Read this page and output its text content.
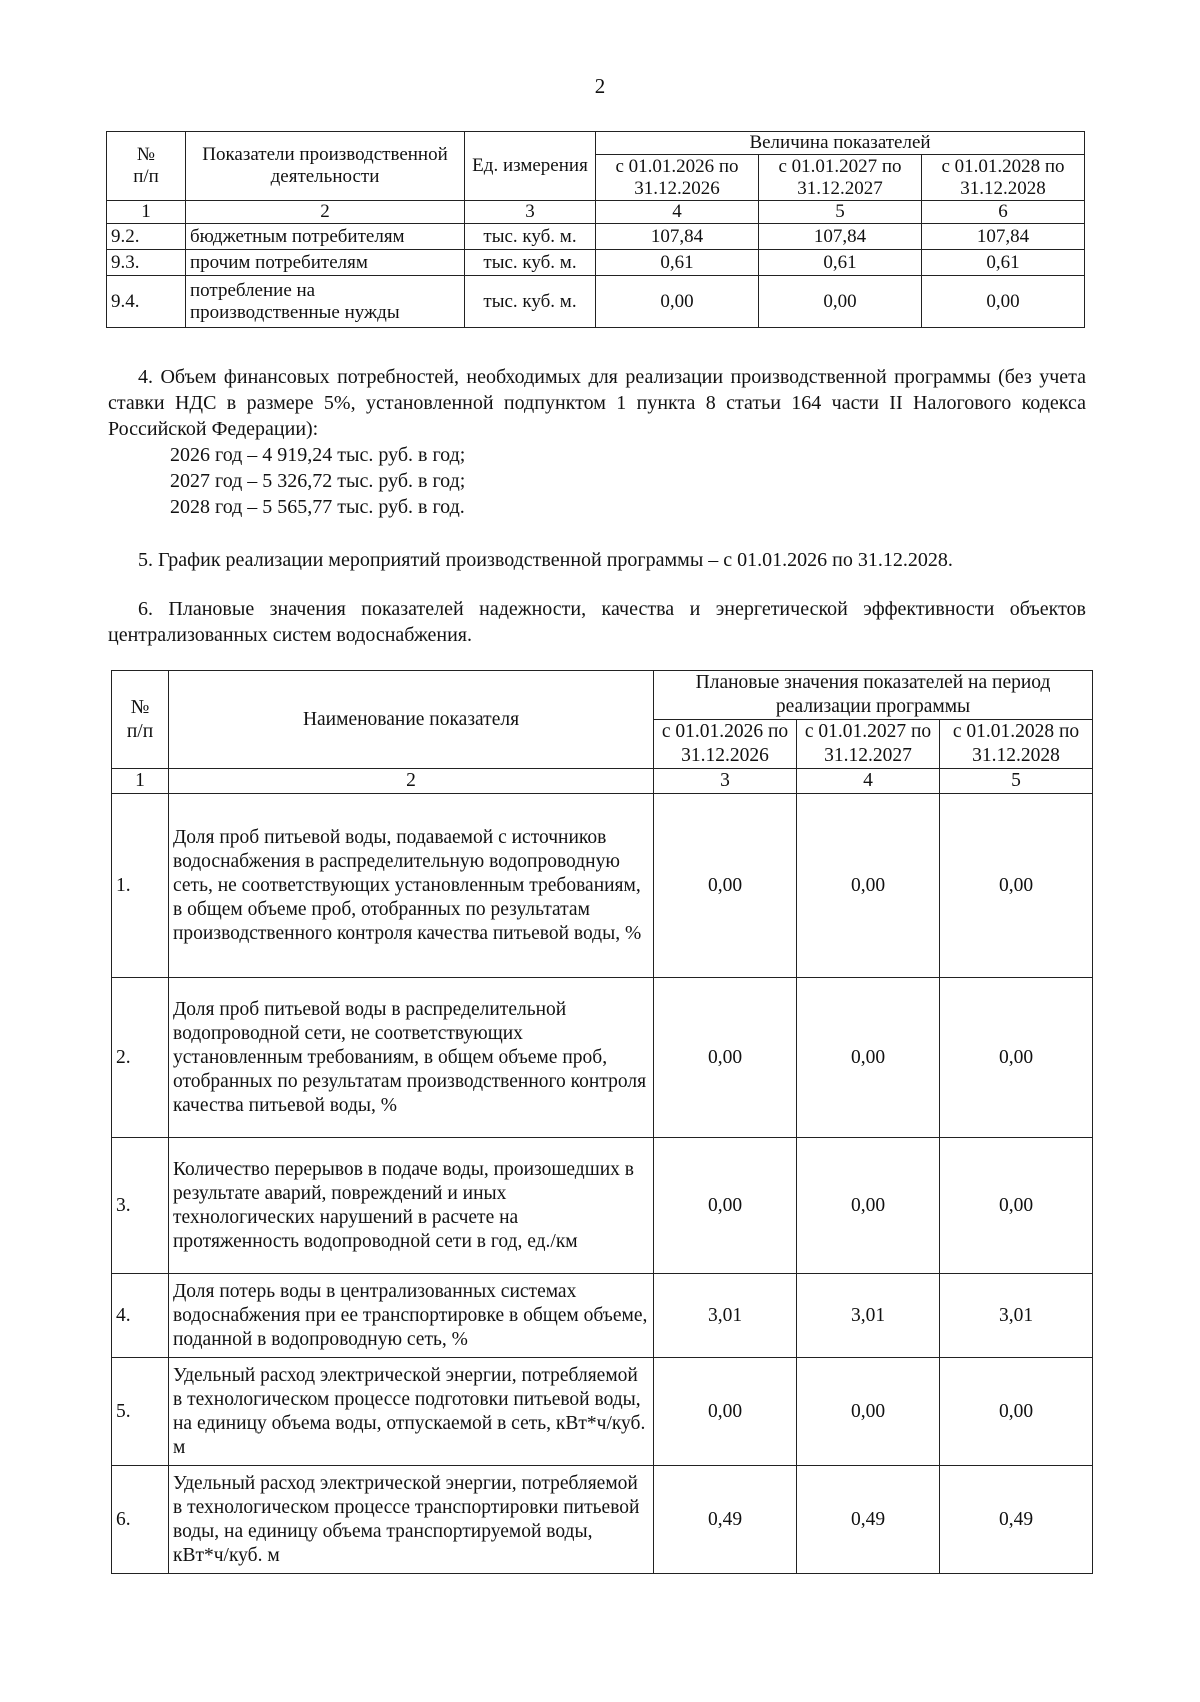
2
№
п/п	Показатели производственной деятельности	Ед. измерения	Величина показателей		
			с 01.01.2026 по 31.12.2026	с 01.01.2027 по 31.12.2027	с 01.01.2028 по 31.12.2028
1	2	3	4	5	6
9.2.	бюджетным потребителям	тыс. куб. м.	107,84	107,84	107,84
9.3.	прочим потребителям	тыс. куб. м.	0,61	0,61	0,61
9.4.	потребление на производственные нужды	тыс. куб. м.	0,00	0,00	0,00
4. Объем финансовых потребностей, необходимых для реализации производственной программы (без учета ставки НДС в размере 5%, установленной подпунктом 1 пункта 8 статьи 164 части II Налогового кодекса Российской Федерации):
2026 год – 4 919,24 тыс. руб. в год;
2027 год – 5 326,72 тыс. руб. в год;
2028 год – 5 565,77 тыс. руб. в год.
5. График реализации мероприятий производственной программы – с 01.01.2026 по 31.12.2028.
6. Плановые значения показателей надежности, качества и энергетической эффективности объектов централизованных систем водоснабжения.
№
п/п	Наименование показателя	Плановые значения показателей на период реализации программы		
		с 01.01.2026 по 31.12.2026	с 01.01.2027 по 31.12.2027	с 01.01.2028 по 31.12.2028
1	2	3	4	5
1.	Доля проб питьевой воды, подаваемой с источников водоснабжения в распределительную водопроводную сеть, не соответствующих установленным требованиям, в общем объеме проб, отобранных по результатам производственного контроля качества питьевой воды, %	0,00	0,00	0,00
2.	Доля проб питьевой воды в распределительной водопроводной сети, не соответствующих установленным требованиям, в общем объеме проб, отобранных по результатам производственного контроля качества питьевой воды, %	0,00	0,00	0,00
3.	Количество перерывов в подаче воды, произошедших в результате аварий, повреждений и иных технологических нарушений в расчете на протяженность водопроводной сети в год, ед./км	0,00	0,00	0,00
4.	Доля потерь воды в централизованных системах водоснабжения при ее транспортировке в общем объеме, поданной в водопроводную сеть, %	3,01	3,01	3,01
5.	Удельный расход электрической энергии, потребляемой в технологическом процессе подготовки питьевой воды, на единицу объема воды, отпускаемой в сеть, кВт*ч/куб. м	0,00	0,00	0,00
6.	Удельный расход электрической энергии, потребляемой в технологическом процессе транспортировки питьевой воды, на единицу объема транспортируемой воды, кВт*ч/куб. м	0,49	0,49	0,49
